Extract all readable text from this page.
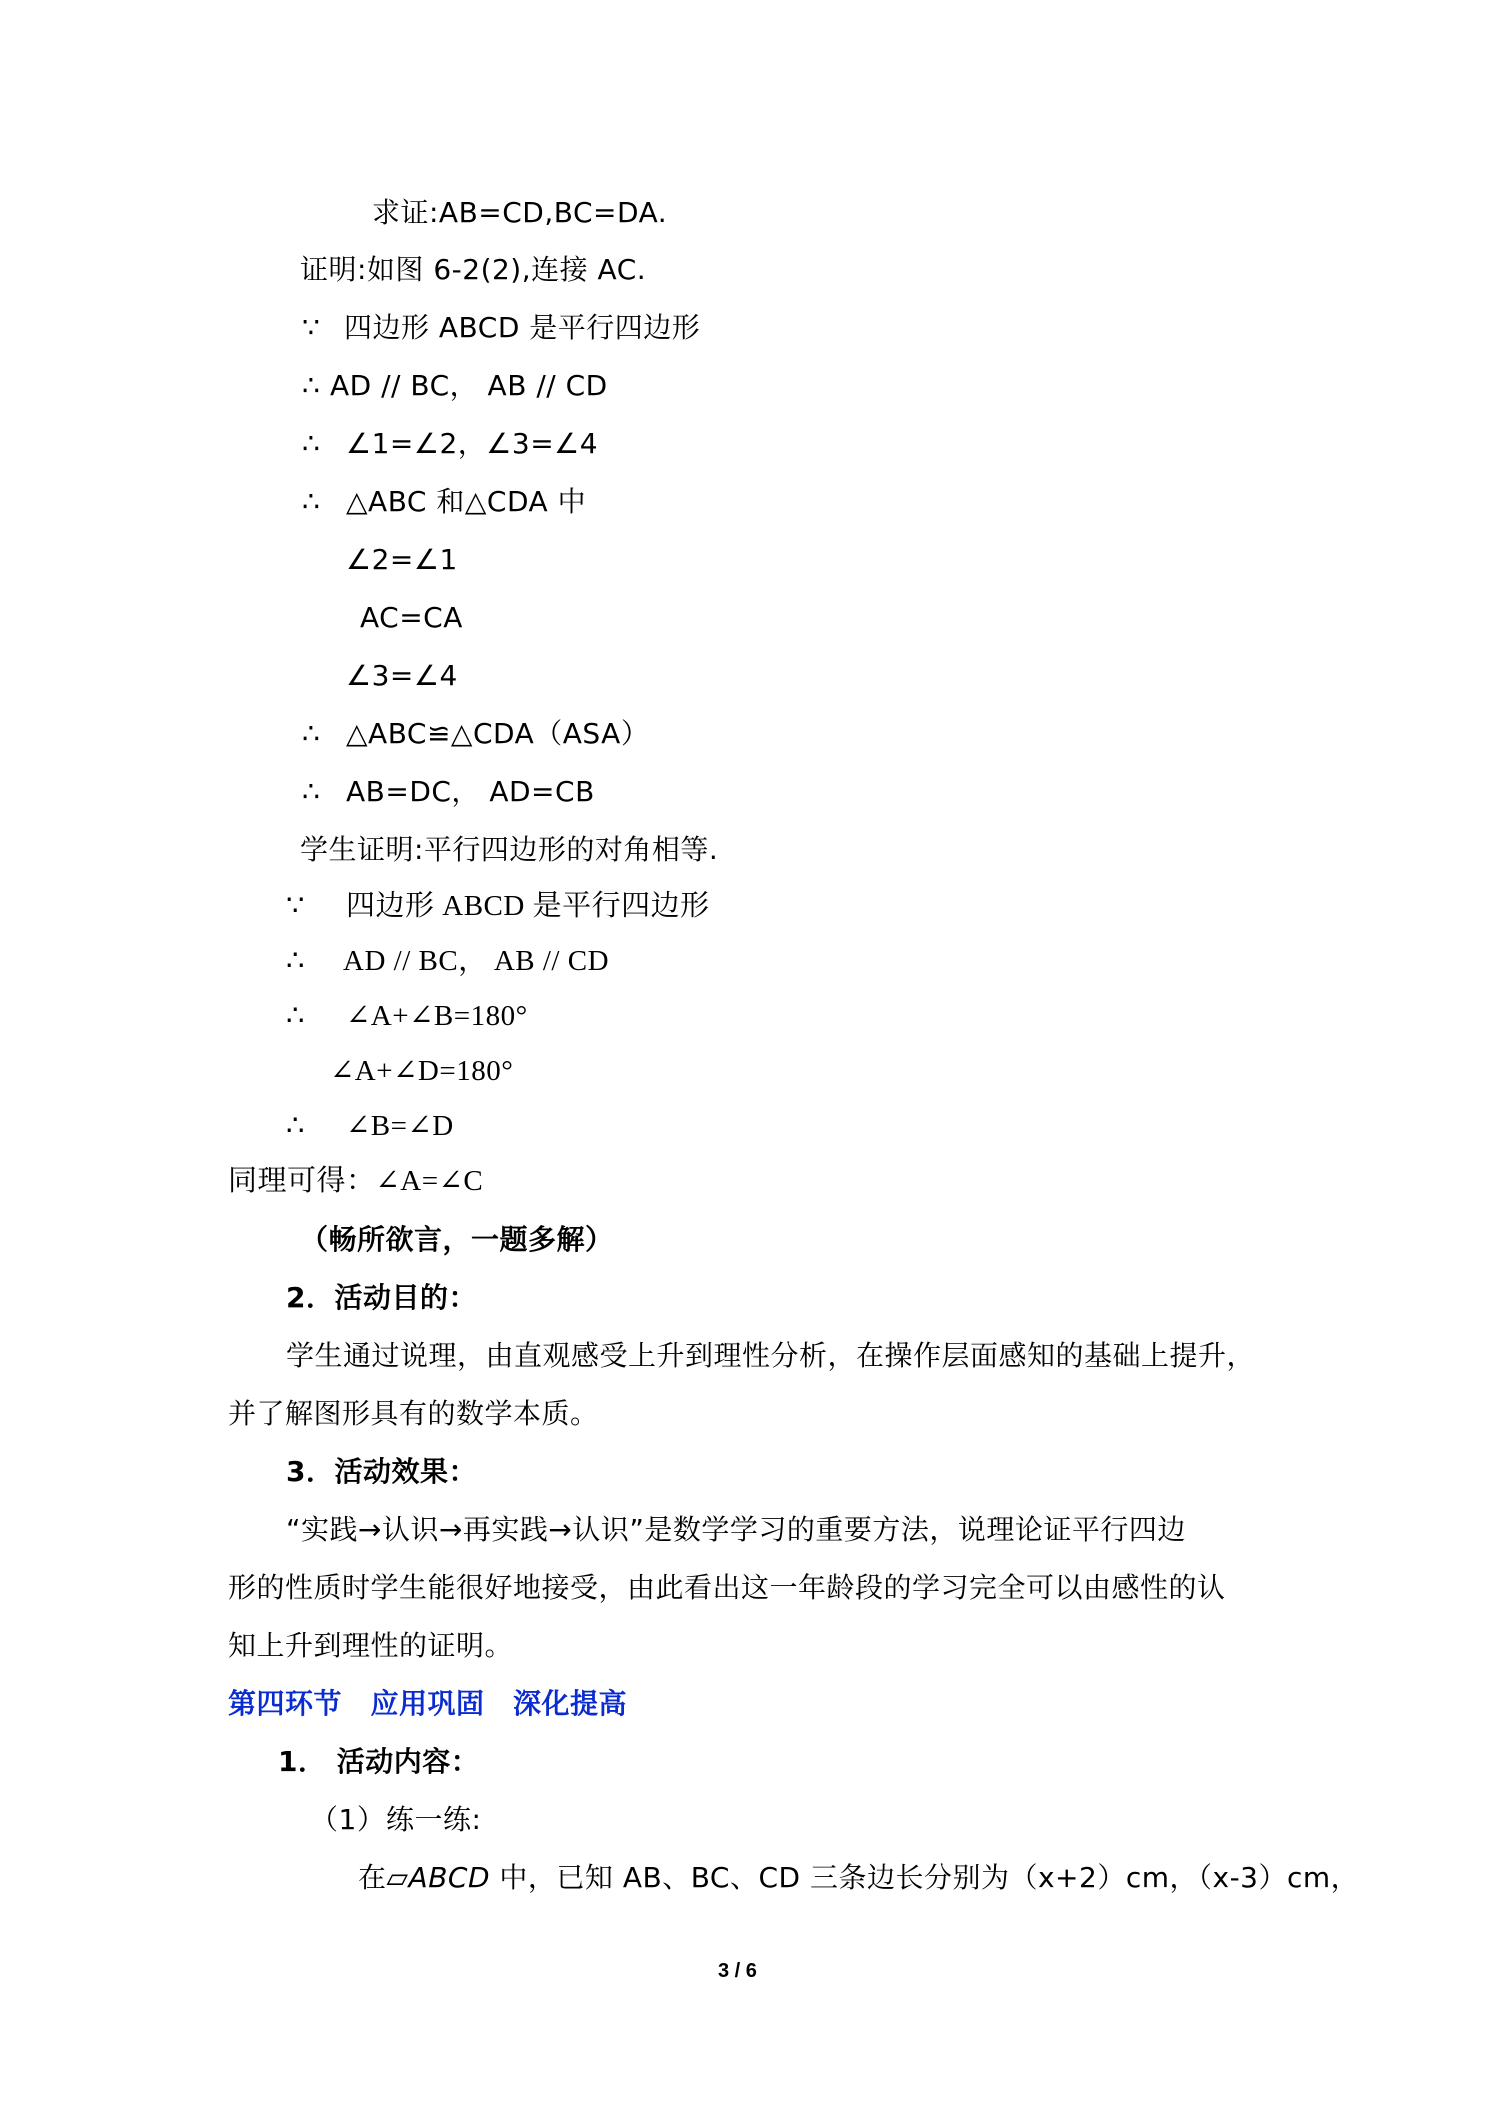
求证:AB=CD,BC=DA.
证明:如图 6-2(2),连接 AC.
∵ 四边形 ABCD 是平行四边形
∴ AD // BC， AB // CD
∴ ∠1=∠2，∠3=∠4
∴ △ABC 和△CDA 中
∠2=∠1
AC=CA
∠3=∠4
∴ △ABC≌△CDA（ASA）
∴ AB=DC， AD=CB
学生证明:平行四边形的对角相等.
∵ 四边形 ABCD 是平行四边形
∴ AD // BC， AB // CD
∴ ∠A+∠B=180°
∠A+∠D=180°
∴ ∠B=∠D
同理可得：∠A=∠C
（畅所欲言，一题多解）
2．活动目的：
学生通过说理，由直观感受上升到理性分析，在操作层面感知的基础上提升，
并了解图形具有的数学本质。
3．活动效果：
“实践→认识→再实践→认识”是数学学习的重要方法，说理论证平行四边
形的性质时学生能很好地接受，由此看出这一年龄段的学习完全可以由感性的认
知上升到理性的证明。
第四环节　应用巩固　深化提高
1． 活动内容：
（1）练一练:
在▱ABCD 中，已知 AB、BC、CD 三条边长分别为（x+2）cm，（x-3）cm，
3 / 6
